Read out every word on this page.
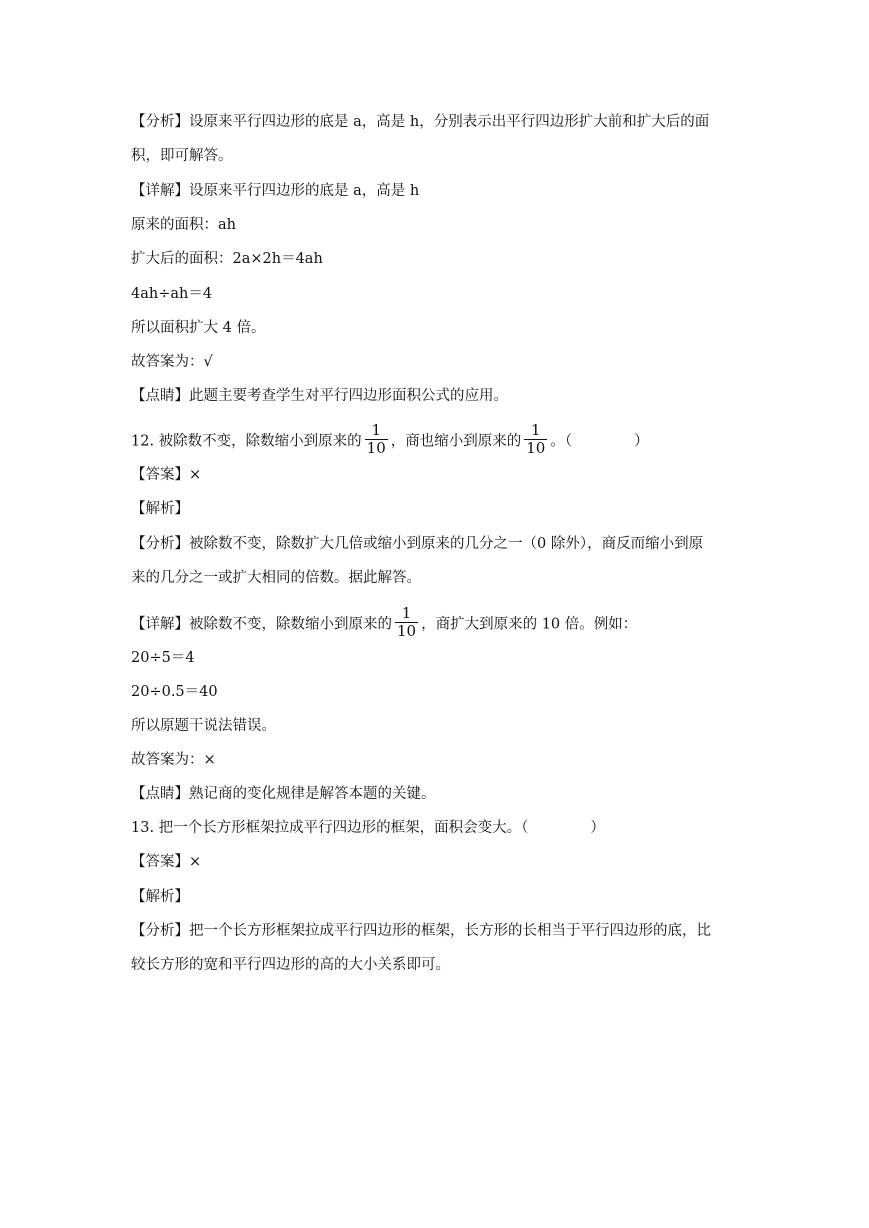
【分析】设原来平行四边形的底是 a，高是 h，分别表示出平行四边形扩大前和扩大后的面
积，即可解答。
【详解】设原来平行四边形的底是 a，高是 h
原来的面积：ah
扩大后的面积：2a×2h＝4ah
4ah÷ah＝4
所以面积扩大 4 倍。
故答案为：√
【点睛】此题主要考查学生对平行四边形面积公式的应用。
12. 被除数不变，除数缩小到原来的 $\frac{1}{10}$ ，商也缩小到原来的 $\frac{1}{10}$ 。（	）
【答案】×
【解析】
【分析】被除数不变，除数扩大几倍或缩小到原来的几分之一（0 除外），商反而缩小到原
来的几分之一或扩大相同的倍数。据此解答。
【详解】被除数不变，除数缩小到原来的 $\frac{1}{10}$ ，商扩大到原来的 10 倍。例如：
20÷5＝4
20÷0.5＝40
所以原题干说法错误。
故答案为：×
【点睛】熟记商的变化规律是解答本题的关键。
13. 把一个长方形框架拉成平行四边形的框架，面积会变大。（	）
【答案】×
【解析】
【分析】把一个长方形框架拉成平行四边形的框架，长方形的长相当于平行四边形的底，比
较长方形的宽和平行四边形的高的大小关系即可。
